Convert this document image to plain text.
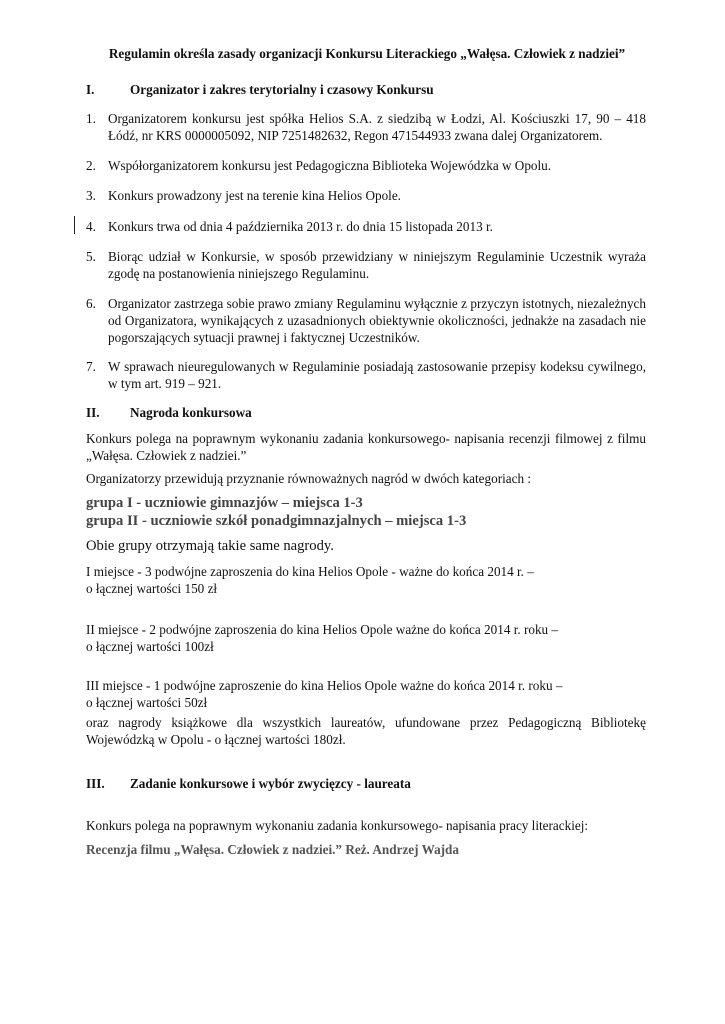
Regulamin określa zasady organizacji Konkursu Literackiego „Wałęsa. Człowiek z nadziei”
I.	Organizator i zakres terytorialny i czasowy Konkursu
1. Organizatorem konkursu jest spółka Helios S.A. z siedzibą w Łodzi, Al. Kościuszki 17, 90 – 418 Łódź, nr KRS 0000005092, NIP 7251482632, Regon 471544933 zwana dalej Organizatorem.
2. Współorganizatorem konkursu jest Pedagogiczna Biblioteka Wojewódzka w Opolu.
3. Konkurs prowadzony jest na terenie kina Helios Opole.
4. Konkurs trwa od dnia 4 października 2013 r. do dnia 15 listopada 2013 r.
5. Biorąc udział w Konkursie, w sposób przewidziany w niniejszym Regulaminie Uczestnik wyraża zgodę na postanowienia niniejszego Regulaminu.
6. Organizator zastrzega sobie prawo zmiany Regulaminu wyłącznie z przyczyn istotnych, niezależnych od Organizatora, wynikających z uzasadnionych obiektywnie okoliczności, jednakże na zasadach nie pogorszających sytuacji prawnej i faktycznej Uczestników.
7. W sprawach nieuregulowanych w Regulaminie posiadają zastosowanie przepisy kodeksu cywilnego, w tym art. 919 – 921.
II. Nagroda konkursowa
Konkurs polega na poprawnym wykonaniu zadania konkursowego- napisania recenzji filmowej z filmu „Wałęsa. Człowiek z nadziei.”
Organizatorzy przewidują przyznanie równoważnych nagród w dwóch kategoriach :
grupa I - uczniowie gimnazjów – miejsca 1-3
grupa II - uczniowie szkół ponadgimnazjalnych – miejsca 1-3
Obie grupy otrzymają takie same nagrody.
I miejsce - 3 podwójne zaproszenia do kina Helios Opole - ważne do końca 2014 r. –
o łącznej wartości 150 zł
II miejsce - 2 podwójne zaproszenia do kina Helios Opole ważne do końca 2014 r. roku –
o łącznej wartości 100zł
III miejsce - 1 podwójne zaproszenie do kina Helios Opole ważne do końca 2014 r. roku –
o łącznej wartości 50zł
oraz nagrody książkowe dla wszystkich laureatów, ufundowane przez Pedagogiczną Bibliotekę Wojewódzką w Opolu - o łącznej wartości 180zł.
III. Zadanie konkursowe i wybór zwycięzcy - laureata
Konkurs polega na poprawnym wykonaniu zadania konkursowego- napisania pracy literackiej:
Recenzja filmu „Wałęsa. Człowiek z nadziei.” Reż. Andrzej Wajda
